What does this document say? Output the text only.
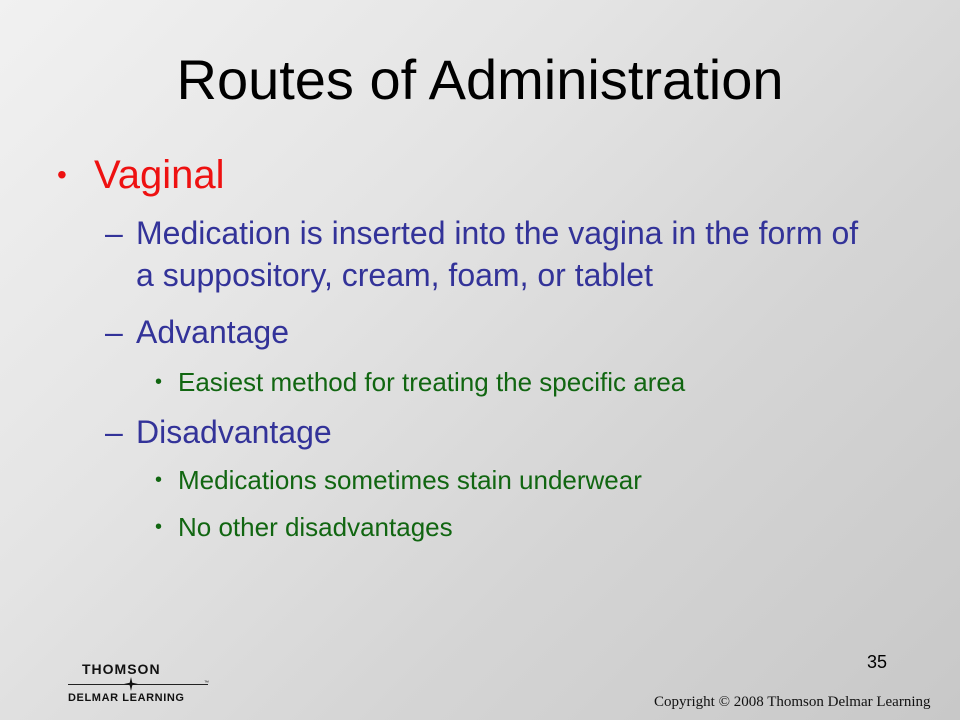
Routes of Administration
• Vaginal
– Medication is inserted into the vagina in the form of a suppository, cream, foam, or tablet
– Advantage
• Easiest method for treating the specific area
– Disadvantage
• Medications sometimes stain underwear
• No other disadvantages
35
THOMSON
™
DELMAR LEARNING	Copyright © 2008 Thomson Delmar Learning
